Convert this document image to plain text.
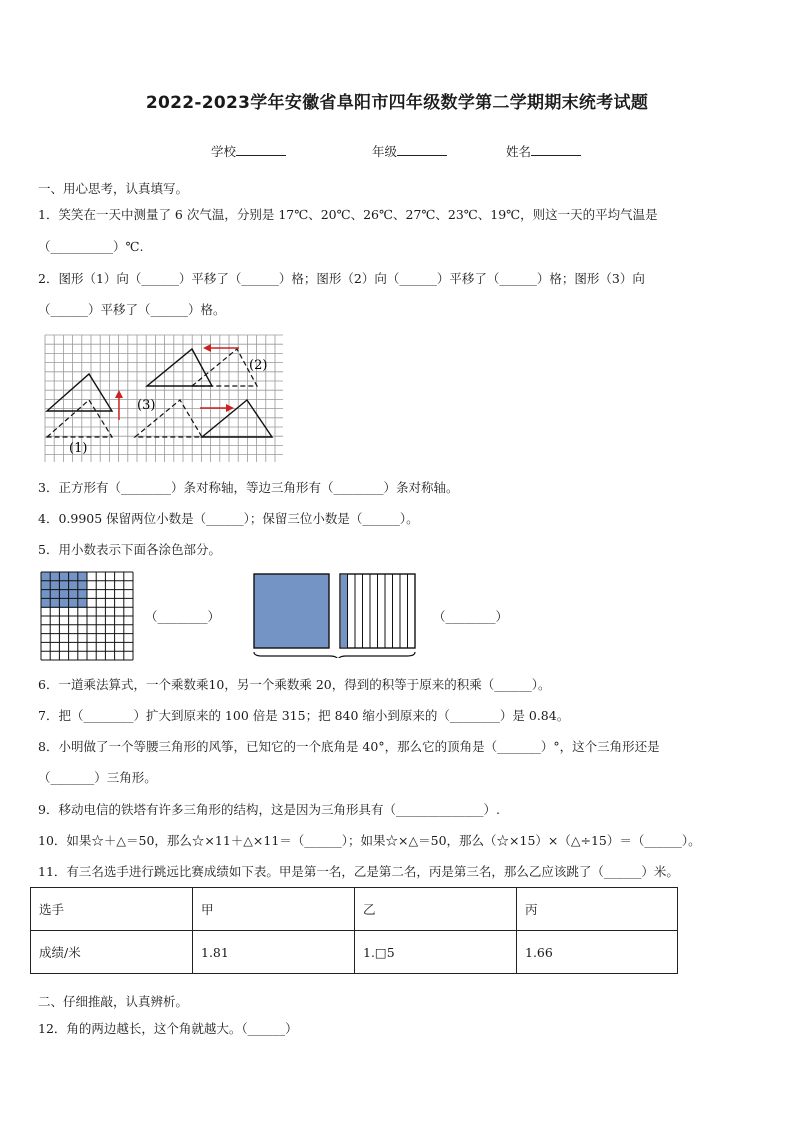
2022-2023学年安徽省阜阳市四年级数学第二学期期末统考试题
学校	年级	姓名
一、用心思考，认真填写。
1．笑笑在一天中测量了 6 次气温，分别是 17℃、20℃、26℃、27℃、23℃、19℃，则这一天的平均气温是
（__________）℃.
2．图形（1）向（______）平移了（______）格；图形（2）向（______）平移了（______）格；图形（3）向
（______）平移了（______）格。
(1)
(2)
(3)
3．正方形有（________）条对称轴，等边三角形有（________）条对称轴。
4．0.9905 保留两位小数是（______）；保留三位小数是（______）。
5．用小数表示下面各涂色部分。
（________）	（________）
6．一道乘法算式，一个乘数乘10，另一个乘数乘 20，得到的积等于原来的积乘（______）。
7．把（________）扩大到原来的 100 倍是 315；把 840 缩小到原来的（________）是 0.84。
8．小明做了一个等腰三角形的风筝，已知它的一个底角是 40°，那么它的顶角是（_______）°，这个三角形还是
（_______）三角形。
9．移动电信的铁塔有许多三角形的结构，这是因为三角形具有（______________）.
10．如果☆＋△＝50，那么☆×11＋△×11＝（______）；如果☆×△＝50，那么（☆×15）×（△÷15）＝（______）。
11．有三名选手进行跳远比赛成绩如下表。甲是第一名，乙是第二名，丙是第三名，那么乙应该跳了（______）米。
选手	甲	乙	丙
成绩/米	1.81	1.□5	1.66
二、仔细推敲，认真辨析。
12．角的两边越长，这个角就越大。（______）
